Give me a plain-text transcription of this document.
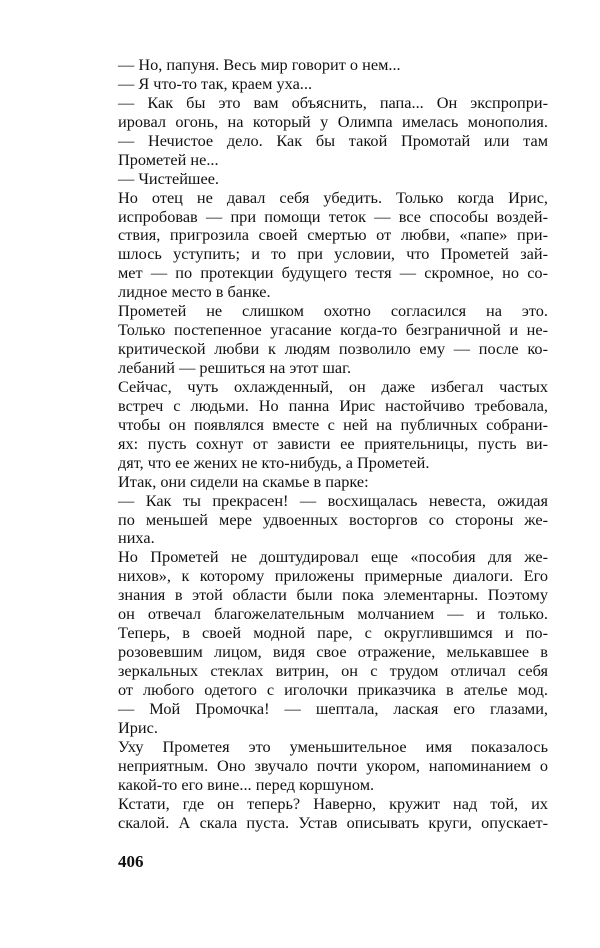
— Но, папуня. Весь мир говорит о нем...
— Я что-то так, краем уха...
— Как бы это вам объяснить, папа... Он экспропри-
ировал огонь, на который у Олимпа имелась монополия.
— Нечистое дело. Как бы такой Промотай или там
Прометей не...
— Чистейшее.
Но отец не давал себя убедить. Только когда Ирис,
испробовав — при помощи теток — все способы воздей-
ствия, пригрозила своей смертью от любви, «папе» при-
шлось уступить; и то при условии, что Прометей зай-
мет — по протекции будущего тестя — скромное, но со-
лидное место в банке.
Прометей не слишком охотно согласился на это.
Только постепенное угасание когда-то безграничной и не-
критической любви к людям позволило ему — после ко-
лебаний — решиться на этот шаг.
Сейчас, чуть охлажденный, он даже избегал частых
встреч с людьми. Но панна Ирис настойчиво требовала,
чтобы он появлялся вместе с ней на публичных собрани-
ях: пусть сохнут от зависти ее приятельницы, пусть ви-
дят, что ее жених не кто-нибудь, а Прометей.
Итак, они сидели на скамье в парке:
— Как ты прекрасен! — восхищалась невеста, ожидая
по меньшей мере удвоенных восторгов со стороны же-
ниха.
Но Прометей не доштудировал еще «пособия для же-
нихов», к которому приложены примерные диалоги. Его
знания в этой области были пока элементарны. Поэтому
он отвечал благожелательным молчанием — и только.
Теперь, в своей модной паре, с округлившимся и по-
розовевшим лицом, видя свое отражение, мелькавшее в
зеркальных стеклах витрин, он с трудом отличал себя
от любого одетого с иголочки приказчика в ателье мод.
— Мой Промочка! — шептала, лаская его глазами,
Ирис.
Уху Прометея это уменьшительное имя показалось
неприятным. Оно звучало почти укором, напоминанием о
какой-то его вине... перед коршуном.
Кстати, где он теперь? Наверно, кружит над той, их
скалой. А скала пуста. Устав описывать круги, опускает-
406
